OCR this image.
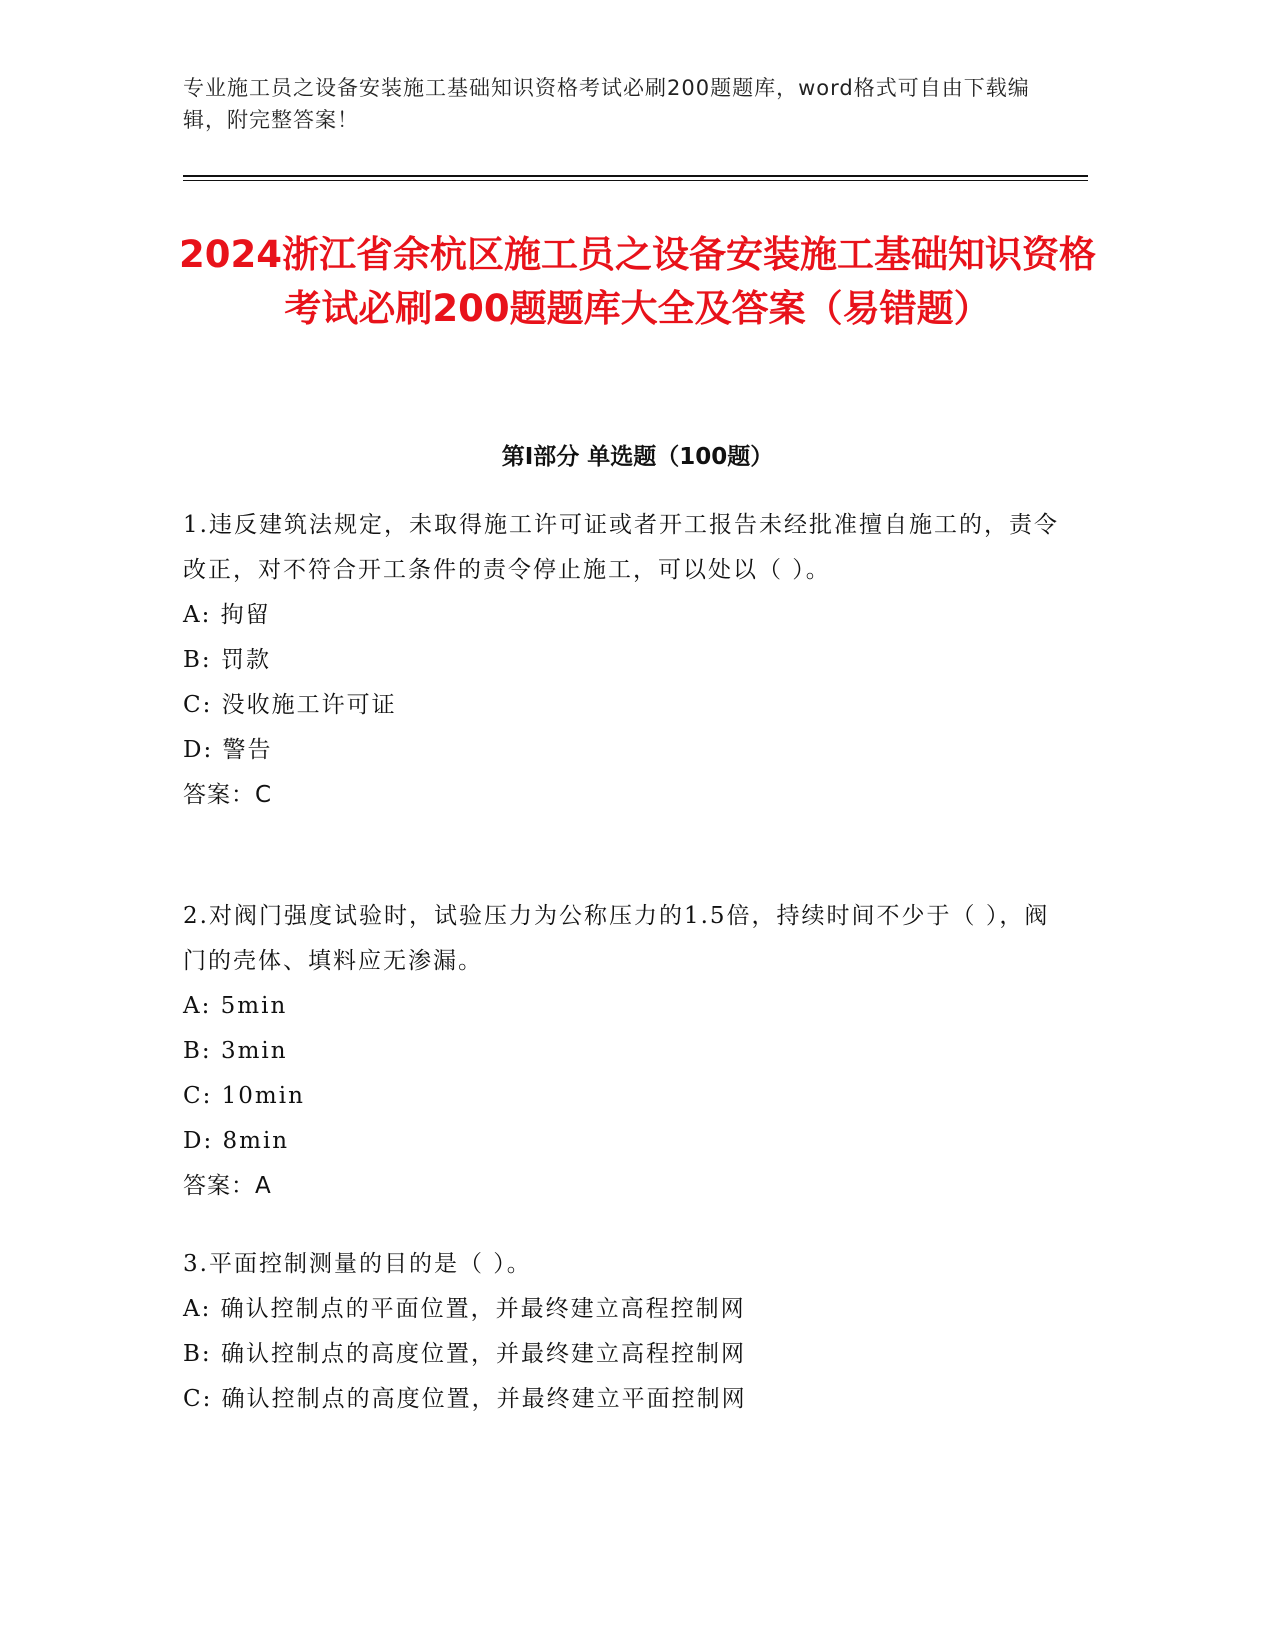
专业施工员之设备安装施工基础知识资格考试必刷200题题库，word格式可自由下载编辑，附完整答案！
2024浙江省余杭区施工员之设备安装施工基础知识资格考试必刷200题题库大全及答案（易错题）
第I部分 单选题（100题）
1.违反建筑法规定，未取得施工许可证或者开工报告未经批准擅自施工的，责令改正，对不符合开工条件的责令停止施工，可以处以（ ）。
A: 拘留
B: 罚款
C: 没收施工许可证
D: 警告
答案：C
2.对阀门强度试验时，试验压力为公称压力的1.5倍，持续时间不少于（ ），阀门的壳体、填料应无渗漏。
A: 5min
B: 3min
C: 10min
D: 8min
答案：A
3.平面控制测量的目的是（ ）。
A: 确认控制点的平面位置，并最终建立高程控制网
B: 确认控制点的高度位置，并最终建立高程控制网
C: 确认控制点的高度位置，并最终建立平面控制网
